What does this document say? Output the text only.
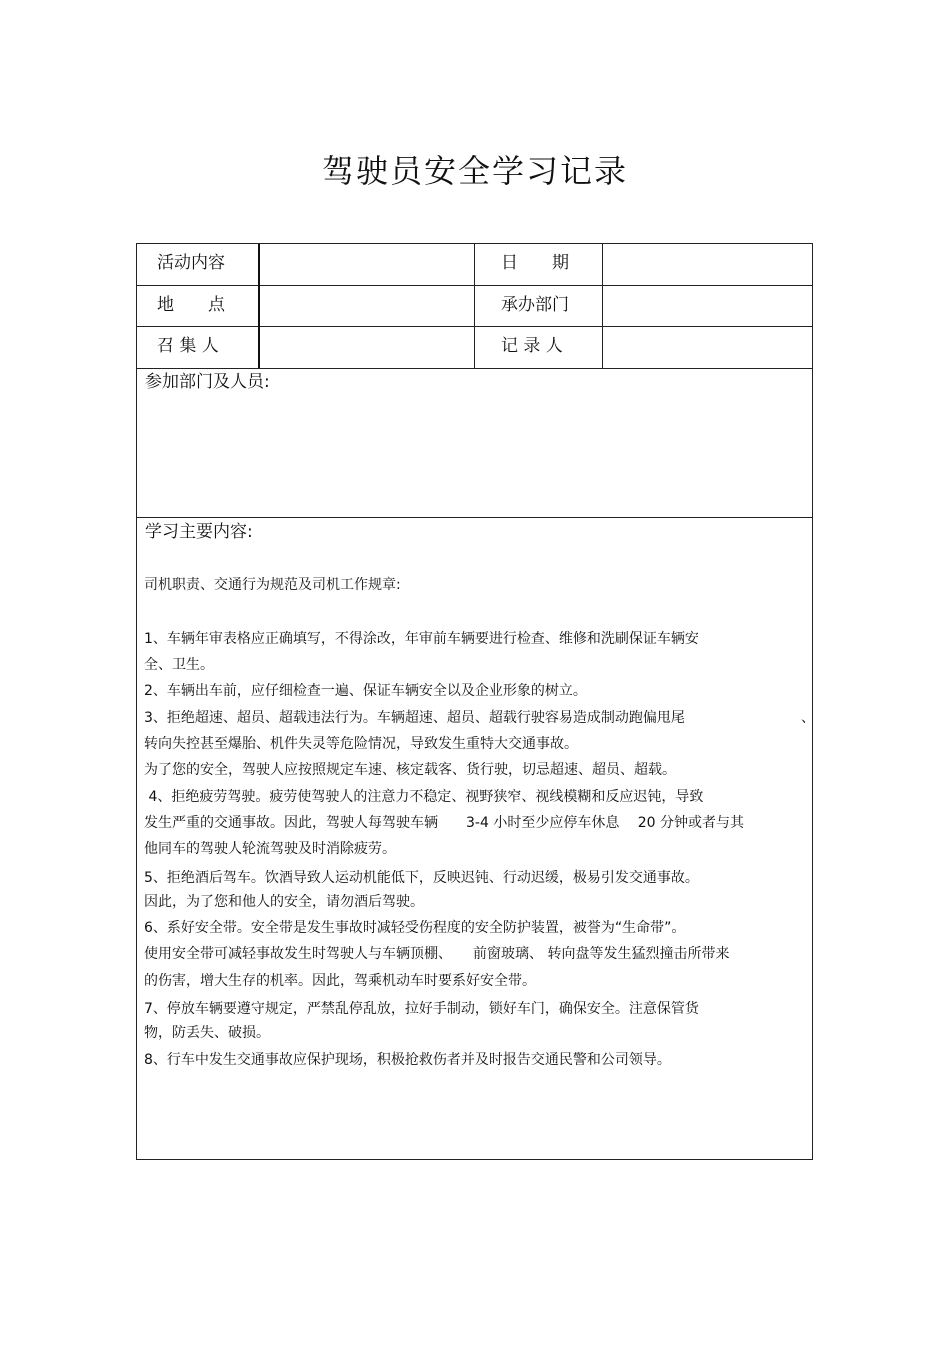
驾驶员安全学习记录
活动内容	日　　期
地　　点	承办部门
召 集 人	记 录 人
参加部门及人员:
学习主要内容:
司机职责、交通行为规范及司机工作规章:
1、车辆年审表格应正确填写，不得涂改，年审前车辆要进行检查、维修和洗刷保证车辆安
全、卫生。
2、车辆出车前，应仔细检查一遍、保证车辆安全以及企业形象的树立。
3、拒绝超速、超员、超载违法行为。车辆超速、超员、超载行驶容易造成制动跑偏甩尾
转向失控甚至爆胎、机件失灵等危险情况，导致发生重特大交通事故。
为了您的安全，驾驶人应按照规定车速、核定载客、货行驶，切忌超速、超员、超载。
4、拒绝疲劳驾驶。疲劳使驾驶人的注意力不稳定、视野狭窄、视线模糊和反应迟钝，导致
发生严重的交通事故。因此，驾驶人每驾驶车辆　　3-4 小时至少应停车休息　 20 分钟或者与其
他同车的驾驶人轮流驾驶及时消除疲劳。
5、拒绝酒后驾车。饮酒导致人运动机能低下，反映迟钝、行动迟缓，极易引发交通事故。
因此，为了您和他人的安全，请勿酒后驾驶。
6、系好安全带。安全带是发生事故时减轻受伤程度的安全防护装置，被誉为“生命带”。
使用安全带可减轻事故发生时驾驶人与车辆顶棚、　　前窗玻璃、 转向盘等发生猛烈撞击所带来
的伤害，增大生存的机率。因此，驾乘机动车时要系好安全带。
7、停放车辆要遵守规定，严禁乱停乱放，拉好手制动，锁好车门，确保安全。注意保管货
物，防丢失、破损。
8、行车中发生交通事故应保护现场，积极抢救伤者并及时报告交通民警和公司领导。
、
